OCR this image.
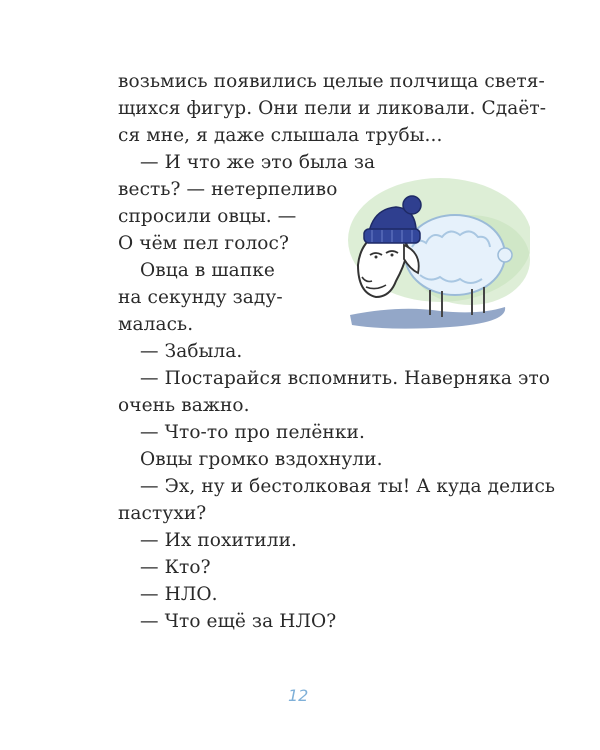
возьмись появились целые полчища светя-
щихся фигур. Они пели и ликовали. Сдаёт-
ся мне, я даже слышала трубы...
— И что же это была за
весть? — нетерпеливо
спросили овцы. —
О чём пел голос?
Овца в шапке
на секунду заду-
малась.
— Забыла.
— Постарайся вспомнить. Наверняка это
очень важно.
— Что-то про пелёнки.
Овцы громко вздохнули.
— Эх, ну и бестолковая ты! А куда делись
пастухи?
— Их похитили.
— Кто?
— НЛО.
— Что ещё за НЛО?
12
